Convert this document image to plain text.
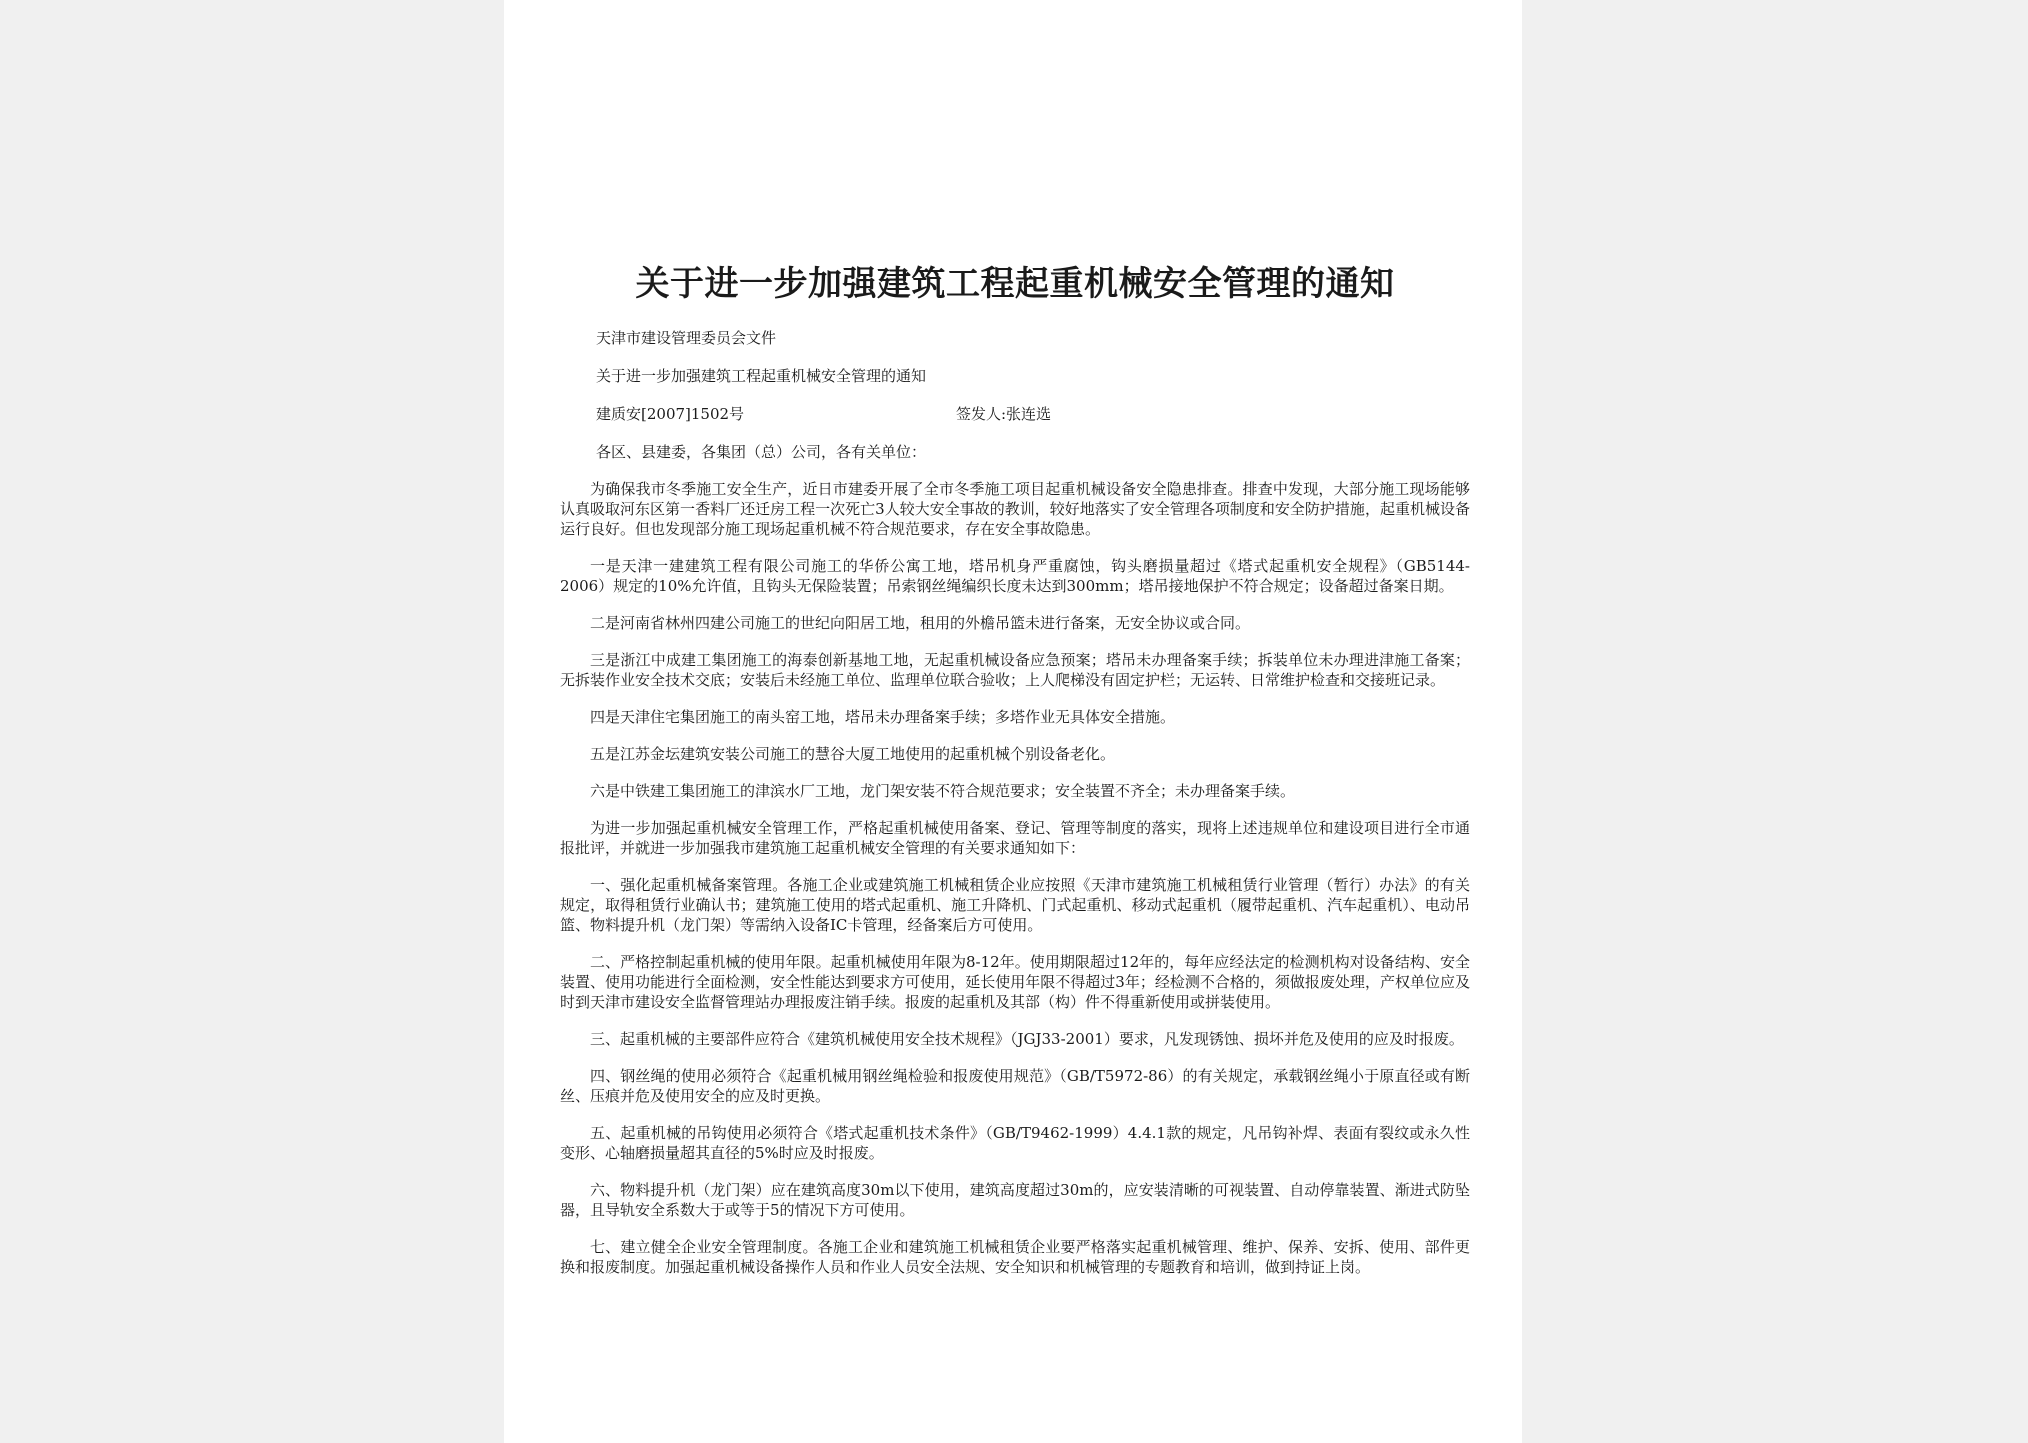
关于进一步加强建筑工程起重机械安全管理的通知
天津市建设管理委员会文件
关于进一步加强建筑工程起重机械安全管理的通知
建质安[2007]1502号	签发人:张连选
各区、县建委，各集团（总）公司，各有关单位：
为确保我市冬季施工安全生产，近日市建委开展了全市冬季施工项目起重机械设备安全隐患排查。排查中发现，大部分施工现场能够认真吸取河东区第一香料厂还迁房工程一次死亡3人较大安全事故的教训，较好地落实了安全管理各项制度和安全防护措施，起重机械设备运行良好。但也发现部分施工现场起重机械不符合规范要求，存在安全事故隐患。
一是天津一建建筑工程有限公司施工的华侨公寓工地，塔吊机身严重腐蚀，钩头磨损量超过《塔式起重机安全规程》（GB5144-2006）规定的10%允许值，且钩头无保险装置；吊索钢丝绳编织长度未达到300mm；塔吊接地保护不符合规定；设备超过备案日期。
二是河南省林州四建公司施工的世纪向阳居工地，租用的外檐吊篮未进行备案，无安全协议或合同。
三是浙江中成建工集团施工的海泰创新基地工地，无起重机械设备应急预案；塔吊未办理备案手续；拆装单位未办理进津施工备案；无拆装作业安全技术交底；安装后未经施工单位、监理单位联合验收；上人爬梯没有固定护栏；无运转、日常维护检查和交接班记录。
四是天津住宅集团施工的南头窑工地，塔吊未办理备案手续；多塔作业无具体安全措施。
五是江苏金坛建筑安装公司施工的慧谷大厦工地使用的起重机械个别设备老化。
六是中铁建工集团施工的津滨水厂工地，龙门架安装不符合规范要求；安全装置不齐全；未办理备案手续。
为进一步加强起重机械安全管理工作，严格起重机械使用备案、登记、管理等制度的落实，现将上述违规单位和建设项目进行全市通报批评，并就进一步加强我市建筑施工起重机械安全管理的有关要求通知如下：
一、强化起重机械备案管理。各施工企业或建筑施工机械租赁企业应按照《天津市建筑施工机械租赁行业管理（暂行）办法》的有关规定，取得租赁行业确认书；建筑施工使用的塔式起重机、施工升降机、门式起重机、移动式起重机（履带起重机、汽车起重机）、电动吊篮、物料提升机（龙门架）等需纳入设备IC卡管理，经备案后方可使用。
二、严格控制起重机械的使用年限。起重机械使用年限为8-12年。使用期限超过12年的，每年应经法定的检测机构对设备结构、安全装置、使用功能进行全面检测，安全性能达到要求方可使用，延长使用年限不得超过3年；经检测不合格的，须做报废处理，产权单位应及时到天津市建设安全监督管理站办理报废注销手续。报废的起重机及其部（构）件不得重新使用或拼装使用。
三、起重机械的主要部件应符合《建筑机械使用安全技术规程》（JGJ33-2001）要求，凡发现锈蚀、损坏并危及使用的应及时报废。
四、钢丝绳的使用必须符合《起重机械用钢丝绳检验和报废使用规范》（GB/T5972-86）的有关规定，承载钢丝绳小于原直径或有断丝、压痕并危及使用安全的应及时更换。
五、起重机械的吊钩使用必须符合《塔式起重机技术条件》（GB/T9462-1999）4.4.1款的规定，凡吊钩补焊、表面有裂纹或永久性变形、心轴磨损量超其直径的5%时应及时报废。
六、物料提升机（龙门架）应在建筑高度30m以下使用，建筑高度超过30m的，应安装清晰的可视装置、自动停靠装置、渐进式防坠器，且导轨安全系数大于或等于5的情况下方可使用。
七、建立健全企业安全管理制度。各施工企业和建筑施工机械租赁企业要严格落实起重机械管理、维护、保养、安拆、使用、部件更换和报废制度。加强起重机械设备操作人员和作业人员安全法规、安全知识和机械管理的专题教育和培训，做到持证上岗。
